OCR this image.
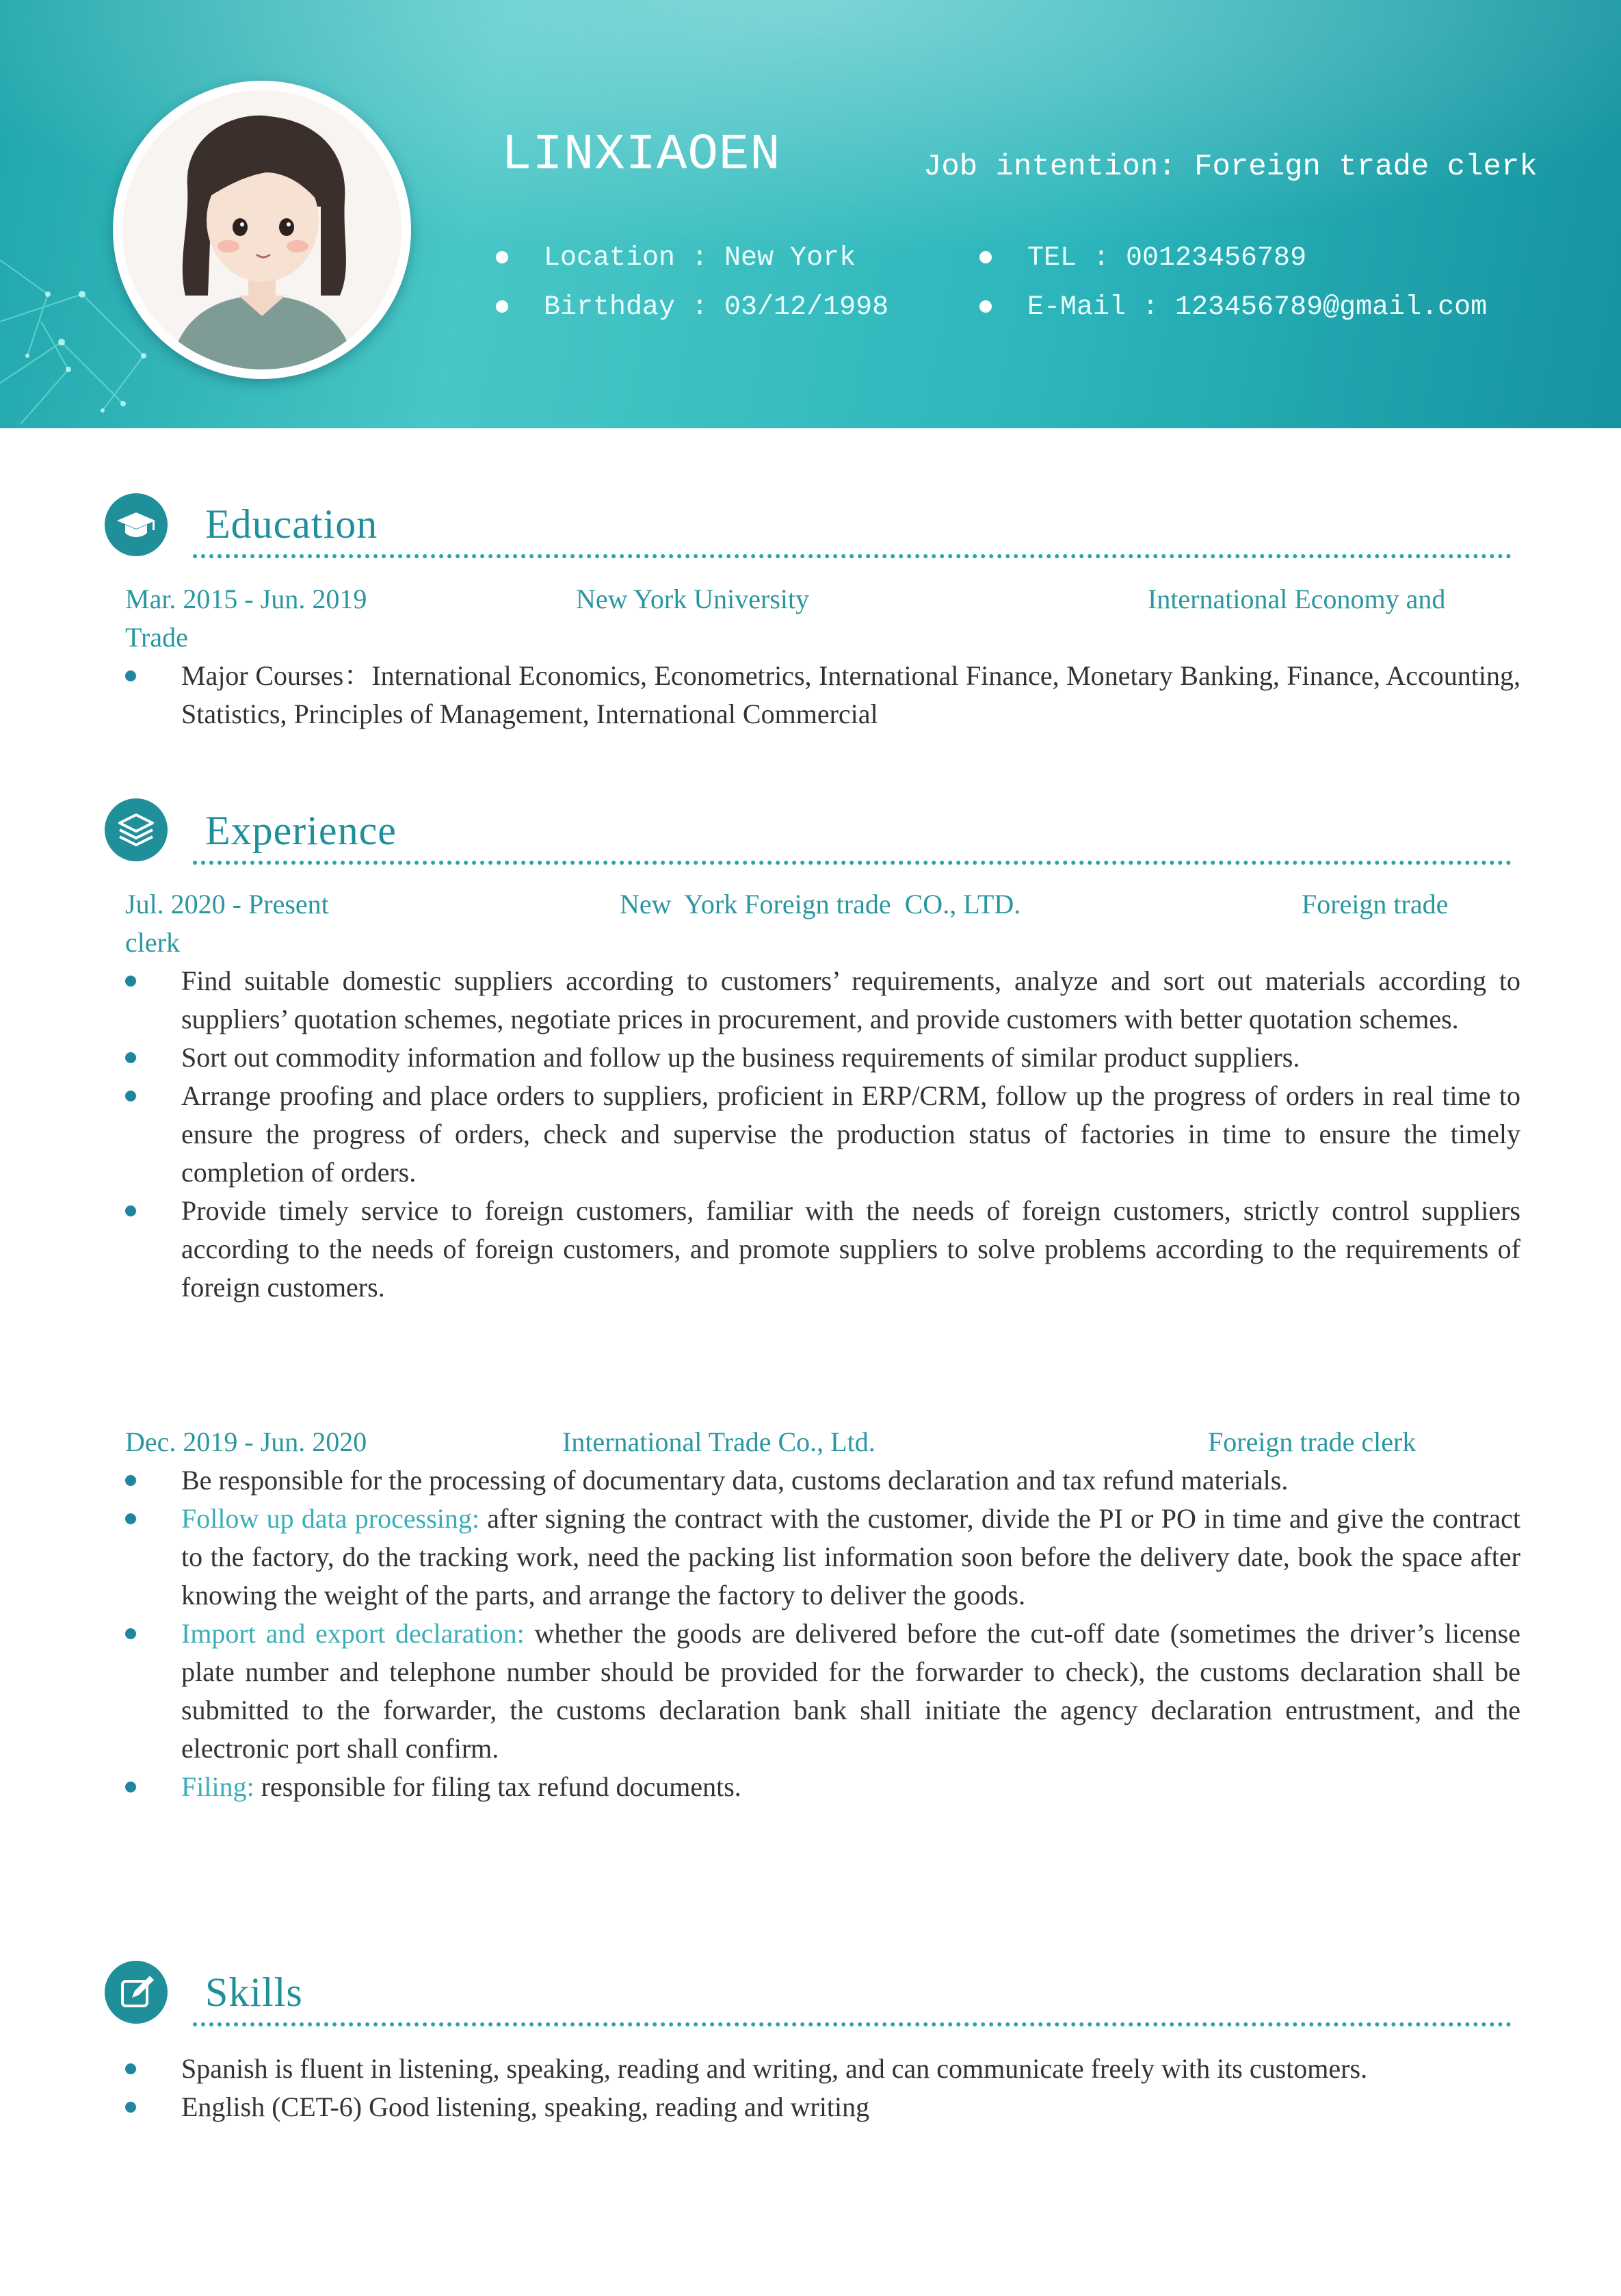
LINXIAOEN	Job intention: Foreign trade clerk
Location : New York
Birthday : 03/12/1998
TEL : 00123456789
E-Mail : 123456789@gmail.com
Education
Mar. 2015 - Jun. 2019	New York University	International Economy and
Trade
Major Courses：International Economics, Econometrics, International Finance, Monetary Banking, Finance, Accounting, Statistics, Principles of Management, International Commercial
Experience
Jul. 2020 - Present	New  York Foreign trade  CO., LTD.	Foreign trade
clerk
Find suitable domestic suppliers according to customers’ requirements, analyze and sort out materials according to suppliers’ quotation schemes, negotiate prices in procurement, and provide customers with better quotation schemes.
Sort out commodity information and follow up the business requirements of similar product suppliers.
Arrange proofing and place orders to suppliers, proficient in ERP/CRM, follow up the progress of orders in real time to ensure the progress of orders, check and supervise the production status of factories in time to ensure the timely completion of orders.
Provide timely service to foreign customers, familiar with the needs of foreign customers, strictly control suppliers according to the needs of foreign customers, and promote suppliers to solve problems according to the requirements of foreign customers.
Dec. 2019 - Jun. 2020	International Trade Co., Ltd.	Foreign trade clerk
Be responsible for the processing of documentary data, customs declaration and tax refund materials.
Follow up data processing: after signing the contract with the customer, divide the PI or PO in time and give the contract to the factory, do the tracking work, need the packing list information soon before the delivery date, book the space after knowing the weight of the parts, and arrange the factory to deliver the goods.
Import and export declaration: whether the goods are delivered before the cut-off date (sometimes the driver’s license plate number and telephone number should be provided for the forwarder to check), the customs declaration shall be submitted to the forwarder, the customs declaration bank shall initiate the agency declaration entrustment, and the electronic port shall confirm.
Filing: responsible for filing tax refund documents.
Skills
Spanish is fluent in listening, speaking, reading and writing, and can communicate freely with its customers.
English (CET-6) Good listening, speaking, reading and writing
